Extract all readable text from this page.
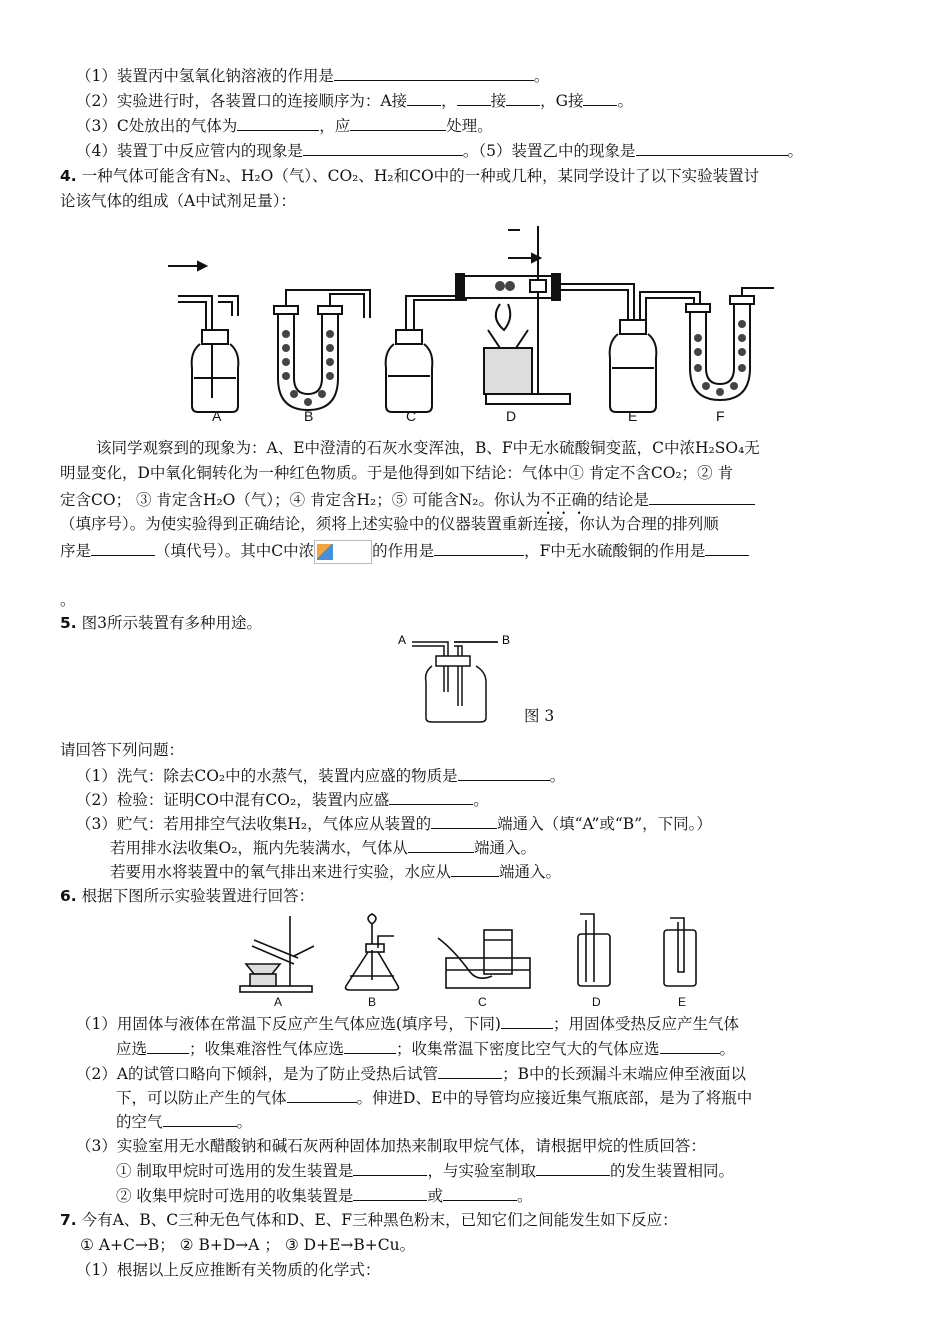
（1）装置丙中氢氧化钠溶液的作用是	。
（2）实验进行时，各装置口的连接顺序为：A接 ， 接 ，G接 。
（3）C处放出的气体为	，应	处理。
（4）装置丁中反应管内的现象是	。（5）装置乙中的现象是	。
4. 一种气体可能含有N₂、H₂O（气）、CO₂、H₂和CO中的一种或几种，某同学设计了以下实验装置讨
论该气体的组成（A中试剂足量）：
A	B	C	D	E	F
该同学观察到的现象为：A、E中澄清的石灰水变浑浊，B、F中无水硫酸铜变蓝，C中浓H₂SO₄无
明显变化，D中氧化铜转化为一种红色物质。于是他得到如下结论：气体中① 肯定不含CO₂；② 肯
定含CO； ③ 肯定含H₂O（气）；④ 肯定含H₂；⑤ 可能含N₂。你认为不正确的结论是
（填序号）。为使实验得到正确结论，须将上述实验中的仪器装置重新连接，你认为合理的排列顺
序是	（填代号）。其中C中浓	的作用是	，F中无水硫酸铜的作用是
。
5. 图3所示装置有多种用途。
A	B
图 3
请回答下列问题：
（1）洗气：除去CO₂中的水蒸气，装置内应盛的物质是	。
（2）检验：证明CO中混有CO₂，装置内应盛	。
（3）贮气：若用排空气法收集H₂，气体应从装置的	端通入（填“A”或“B”，下同。）
若用排水法收集O₂，瓶内先装满水，气体从	端通入。
若要用水将装置中的氧气排出来进行实验，水应从	端通入。
6. 根据下图所示实验装置进行回答：
A	B	C	D	E
（1）用固体与液体在常温下反应产生气体应选(填序号，下同)	；用固体受热反应产生气体
应选	；收集难溶性气体应选	；收集常温下密度比空气大的气体应选	。
（2）A的试管口略向下倾斜，是为了防止受热后试管	；B中的长颈漏斗末端应伸至液面以
下，可以防止产生的气体	。伸进D、E中的导管均应接近集气瓶底部，是为了将瓶中
的空气	。
（3）实验室用无水醋酸钠和碱石灰两种固体加热来制取甲烷气体，请根据甲烷的性质回答：
① 制取甲烷时可选用的发生装置是	，与实验室制取	的发生装置相同。
② 收集甲烷时可选用的收集装置是	或	。
7. 今有A、B、C三种无色气体和D、E、F三种黑色粉末，已知它们之间能发生如下反应：
① A+C→B； ② B+D→A ； ③ D+E→B+Cu。
（1）根据以上反应推断有关物质的化学式：
